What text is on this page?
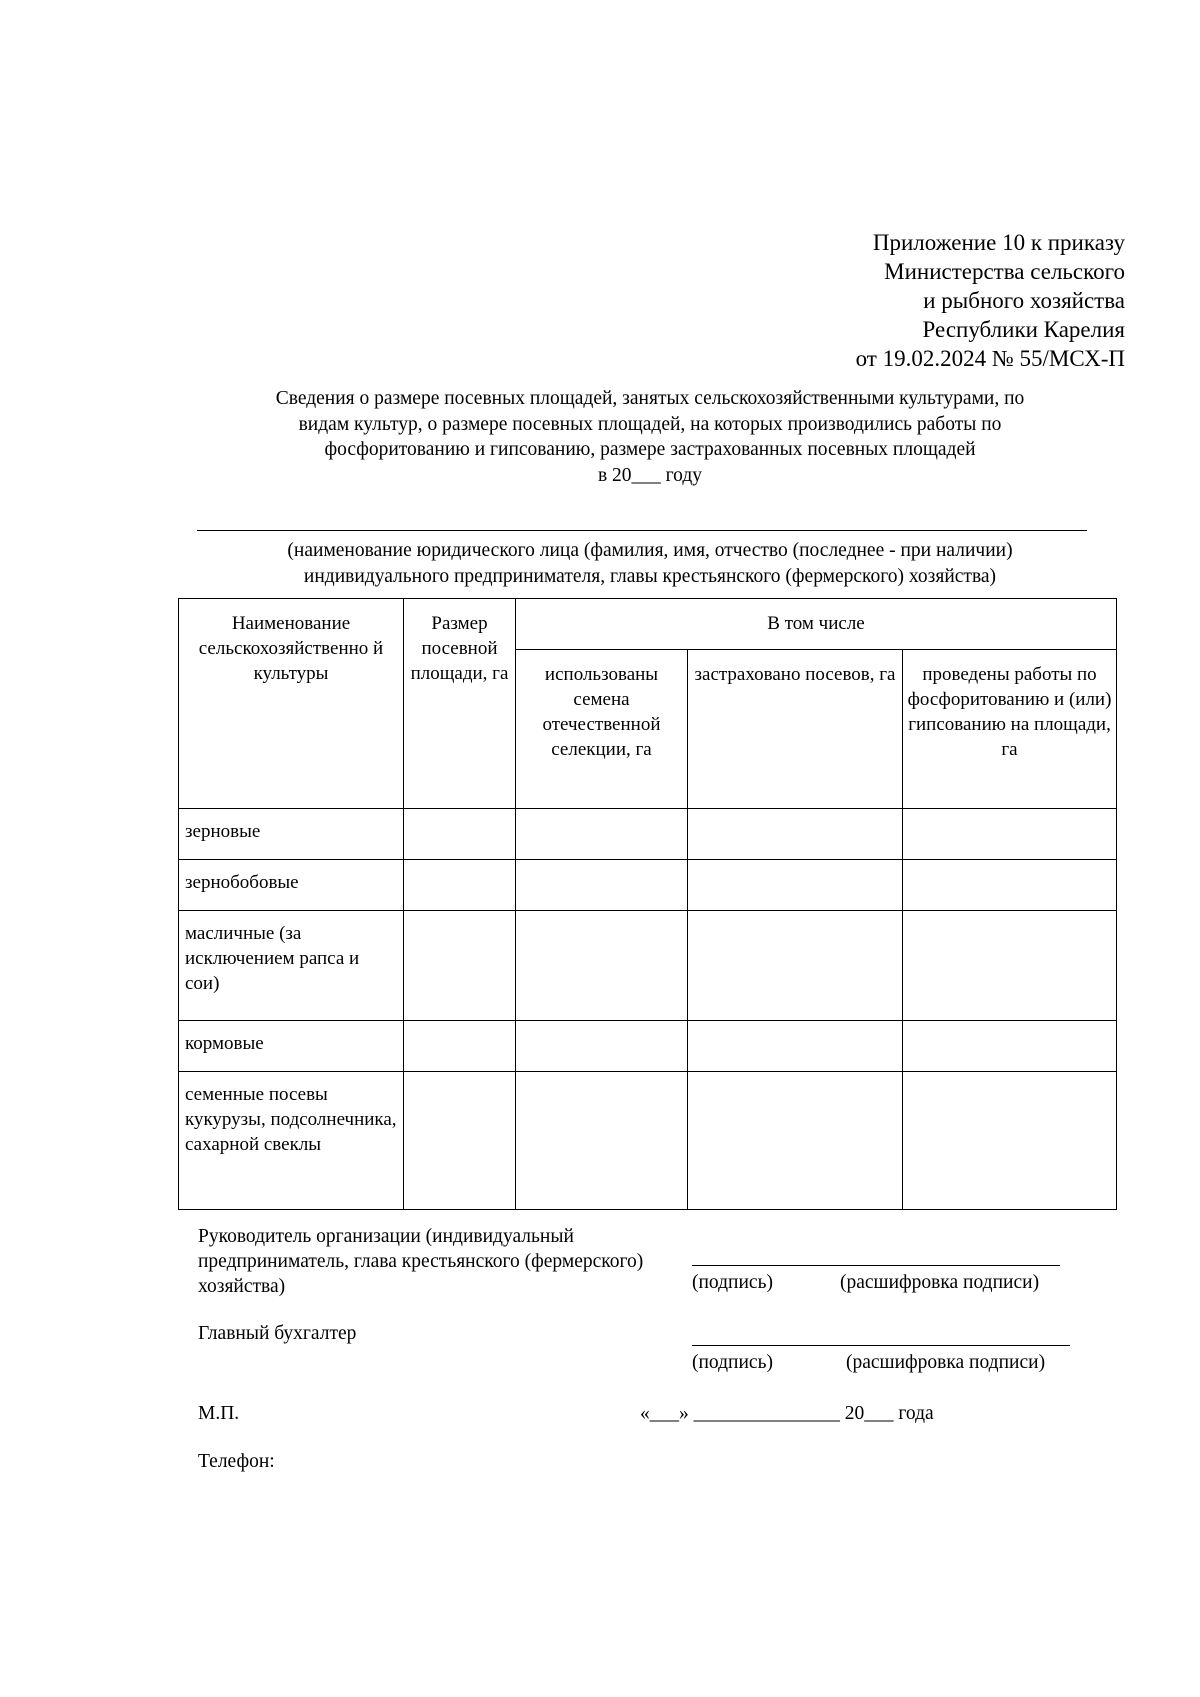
Приложение 10 к приказу
Министерства сельского
и рыбного хозяйства
Республики Карелия
от 19.02.2024 № 55/МСХ-П
Сведения о размере посевных площадей, занятых сельскохозяйственными культурами, по
видам культур, о размере посевных площадей, на которых производились работы по
фосфоритованию и гипсованию, размере застрахованных посевных площадей
в 20___ году
(наименование юридического лица (фамилия, имя, отчество (последнее - при наличии)
индивидуального предпринимателя, главы крестьянского (фермерского) хозяйства)
Наименование сельскохозяйственно й культуры	Размер посевной площади, га	В том числе		
		использованы семена отечественной селекции, га	застраховано посевов, га	проведены работы по фосфоритованию и (или) гипсованию на площади, га
зерновые				
зернобобовые				
масличные (за исключением рапса и сои)				
кормовые				
семенные посевы кукурузы, подсолнечника, сахарной свеклы				
Руководитель организации (индивидуальный предприниматель, глава крестьянского (фермерского) хозяйства)	(подпись)	(расшифровка подписи)
Главный бухгалтер
(подпись)	(расшифровка подписи)
М.П.	«___» _______________ 20___ года
Телефон:
